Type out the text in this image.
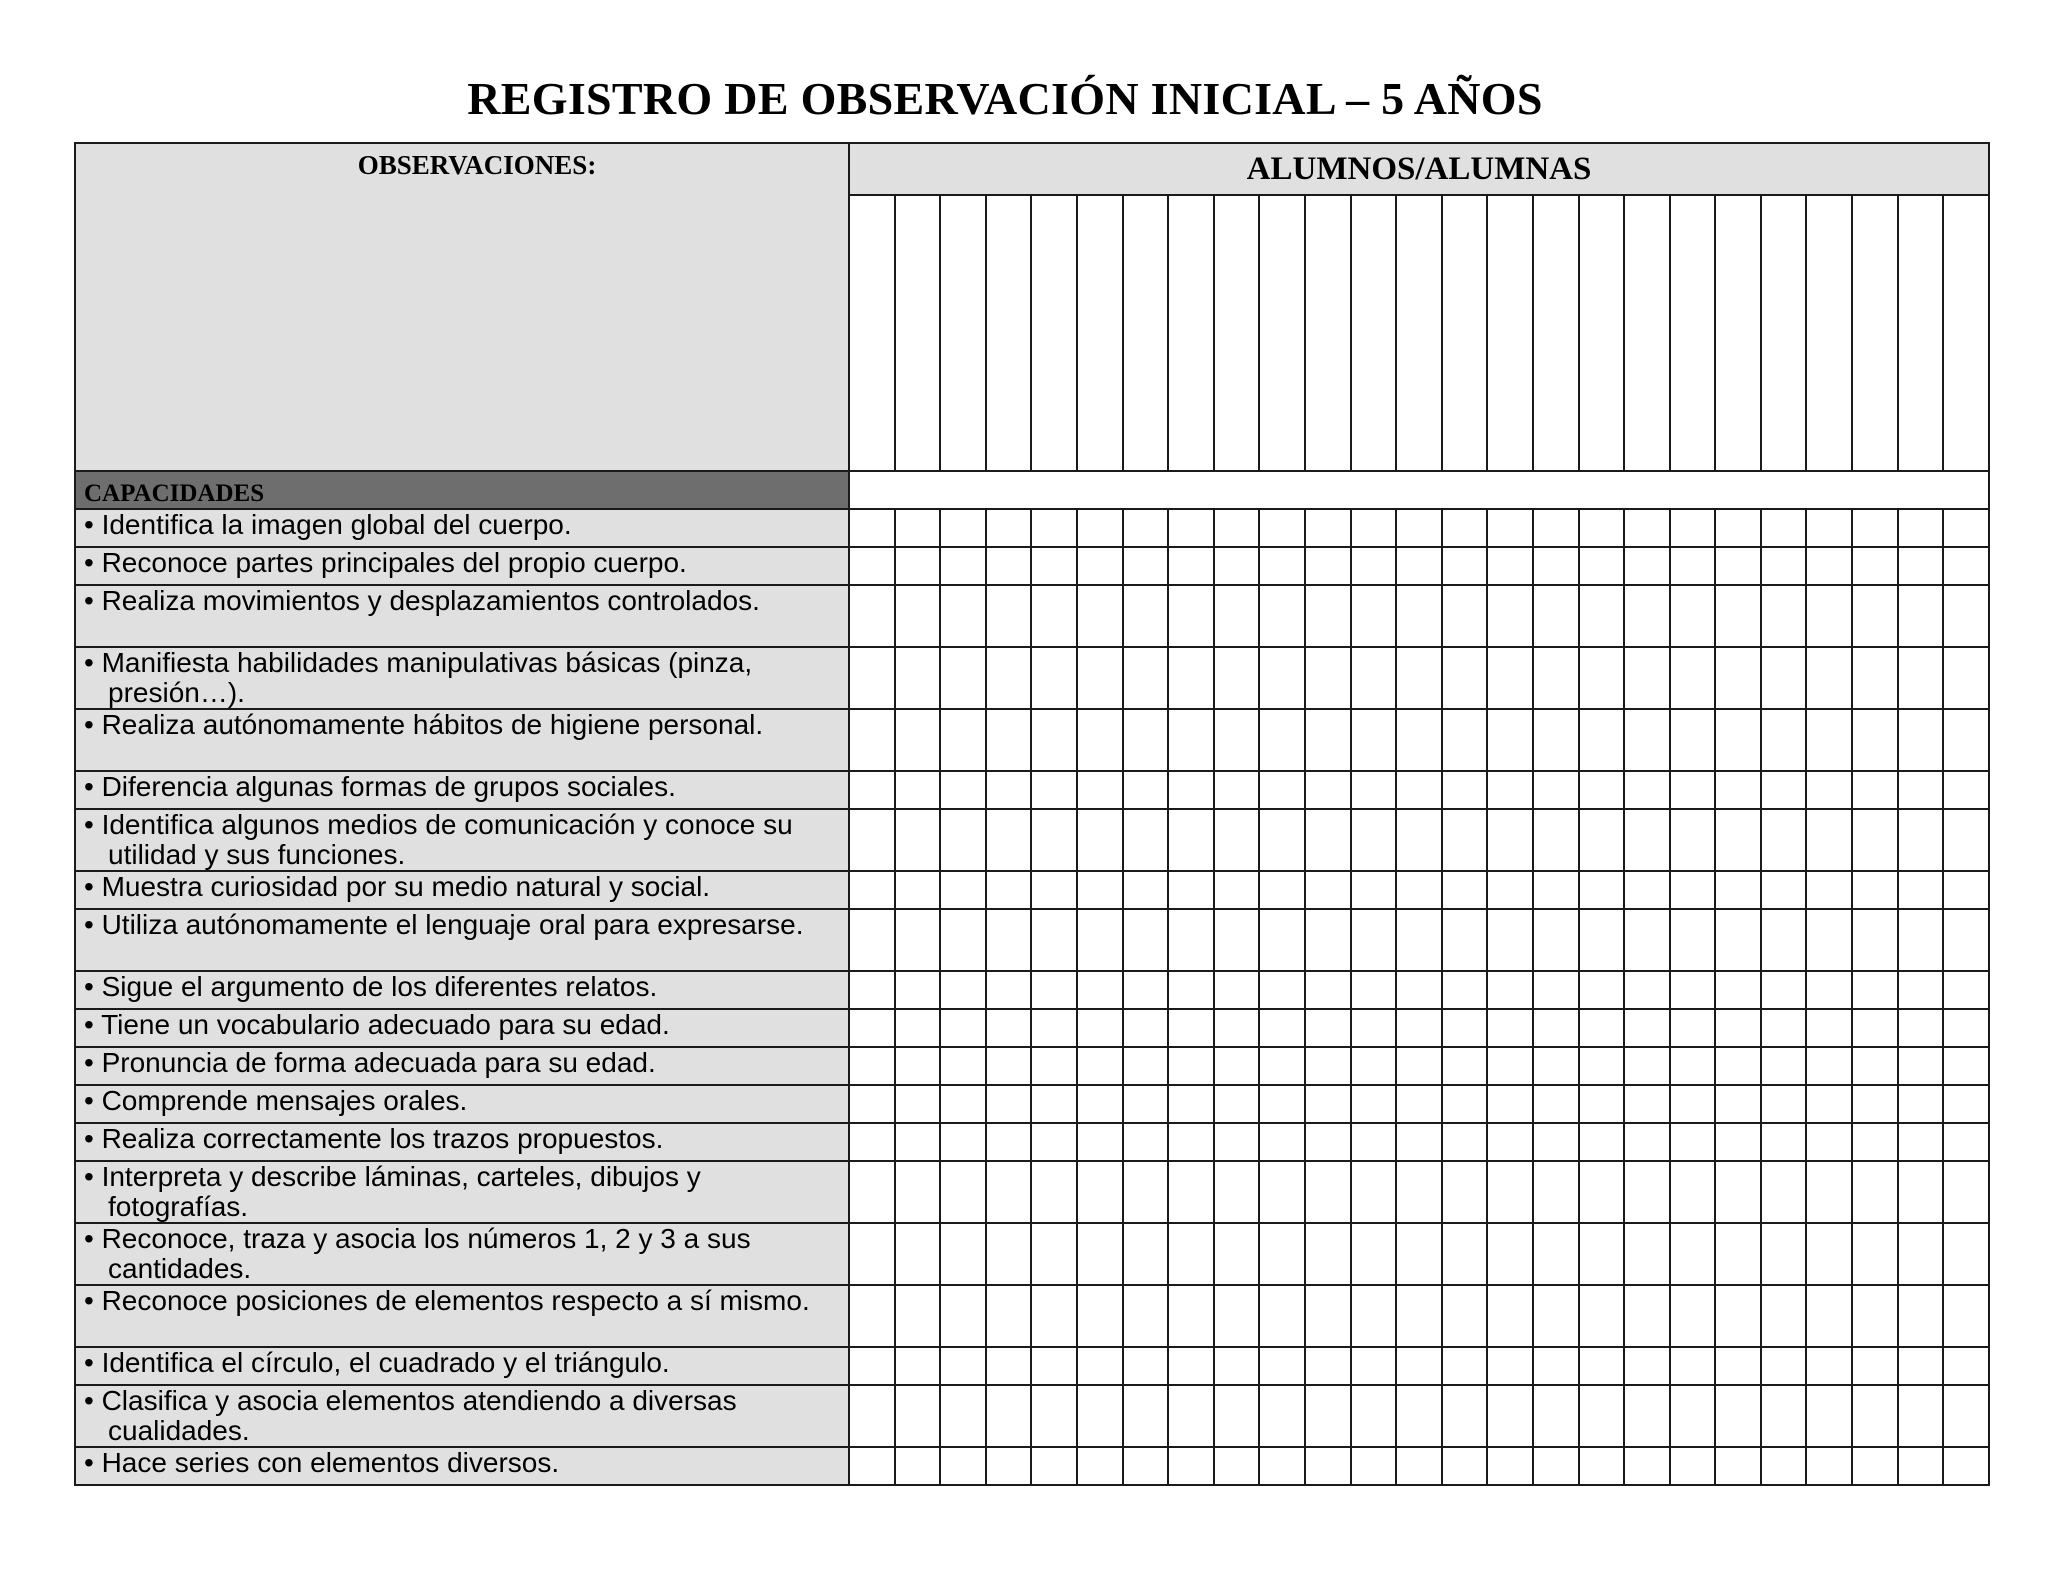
REGISTRO DE OBSERVACIÓN INICIAL – 5 AÑOS
OBSERVACIONES:	ALUMNOS/ALUMNAS																								

CAPACIDADES																									

• Identifica la imagen global del cuerpo.																									

• Reconoce partes principales del propio cuerpo.																									

• Realiza movimientos y desplazamientos controlados.																									

• Manifiesta habilidades manipulativas básicas (pinza, presión…).																									

• Realiza autónomamente hábitos de higiene personal.																									

• Diferencia algunas formas de grupos sociales.																									

• Identifica algunos medios de comunicación y conoce su utilidad y sus funciones.																									

• Muestra curiosidad por su medio natural y social.																									

• Utiliza autónomamente el lenguaje oral para expresarse.																									

• Sigue el argumento de los diferentes relatos.																									

• Tiene un vocabulario adecuado para su edad.																									

• Pronuncia de forma adecuada para su edad.																									

• Comprende mensajes orales.																									

• Realiza correctamente los trazos propuestos.																									

• Interpreta y describe láminas, carteles, dibujos y fotografías.																									

• Reconoce, traza y asocia los números 1, 2 y 3 a sus cantidades.																									

• Reconoce posiciones de elementos respecto a sí mismo.																									

• Identifica el círculo, el cuadrado y el triángulo.																									

• Clasifica y asocia elementos atendiendo a diversas cualidades.																									

• Hace series con elementos diversos.																									
